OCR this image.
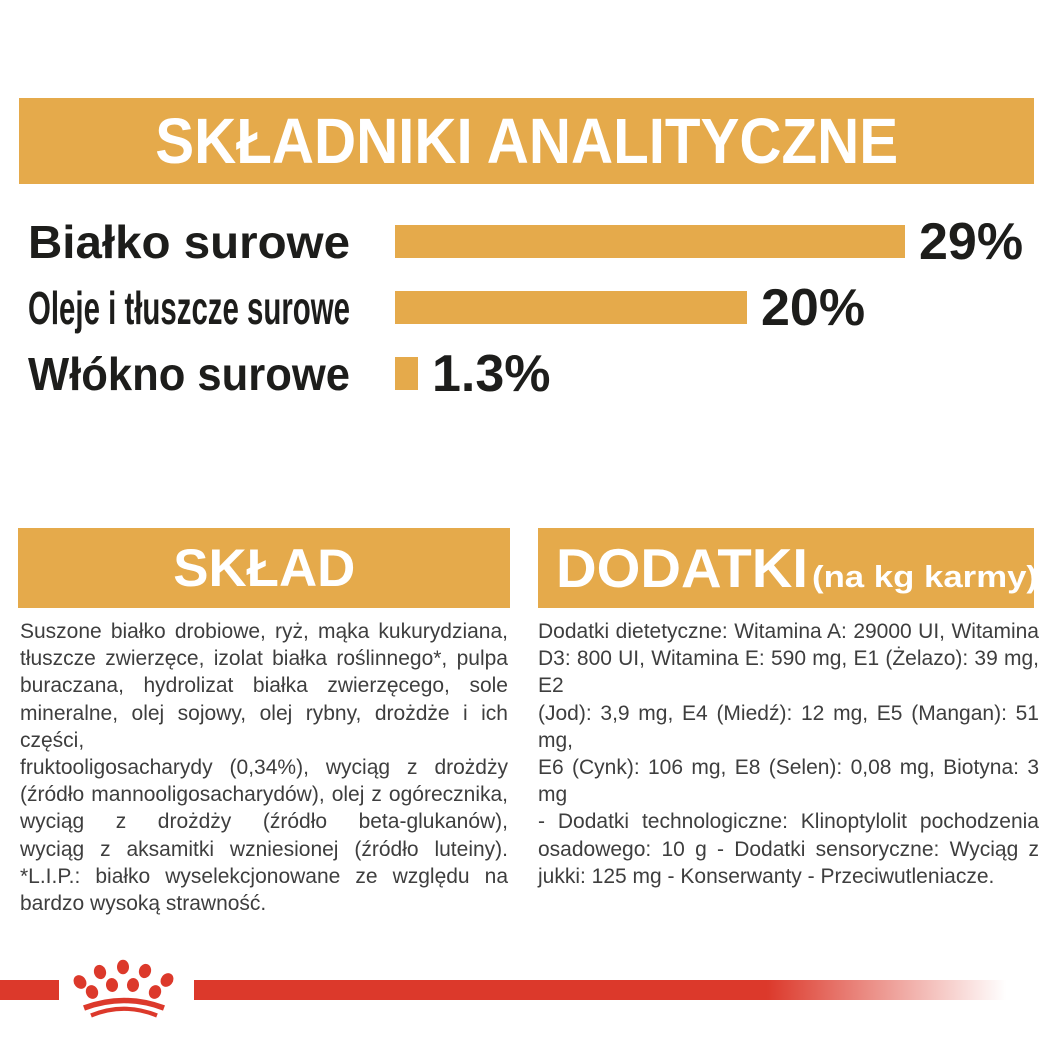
SKŁADNIKI ANALITYCZNE
Białko surowe	29%
Oleje i tłuszcze surowe	20%
Włókno surowe 1.3%
SKŁAD	DODATKI (na kg karmy)
Suszone białko drobiowe, ryż, mąka kukurydziana,
tłuszcze zwierzęce, izolat białka roślinnego*, pulpa
buraczana, hydrolizat białka zwierzęcego, sole
mineralne, olej sojowy, olej rybny, drożdże i ich części,
fruktooligosacharydy (0,34%), wyciąg z drożdży
(źródło mannooligosacharydów), olej z ogórecznika,
wyciąg z drożdży (źródło beta-glukanów),
wyciąg z aksamitki wzniesionej (źródło luteiny).
*L.I.P.: białko wyselekcjonowane ze względu na
bardzo wysoką strawność.
Dodatki dietetyczne: Witamina A: 29000 UI, Witamina
D3: 800 UI, Witamina E: 590 mg, E1 (Żelazo): 39 mg, E2
(Jod): 3,9 mg, E4 (Miedź): 12 mg, E5 (Mangan): 51 mg,
E6 (Cynk): 106 mg, E8 (Selen): 0,08 mg, Biotyna: 3 mg
- Dodatki technologiczne: Klinoptylolit pochodzenia
osadowego: 10 g - Dodatki sensoryczne: Wyciąg z
jukki: 125 mg - Konserwanty - Przeciwutleniacze.
